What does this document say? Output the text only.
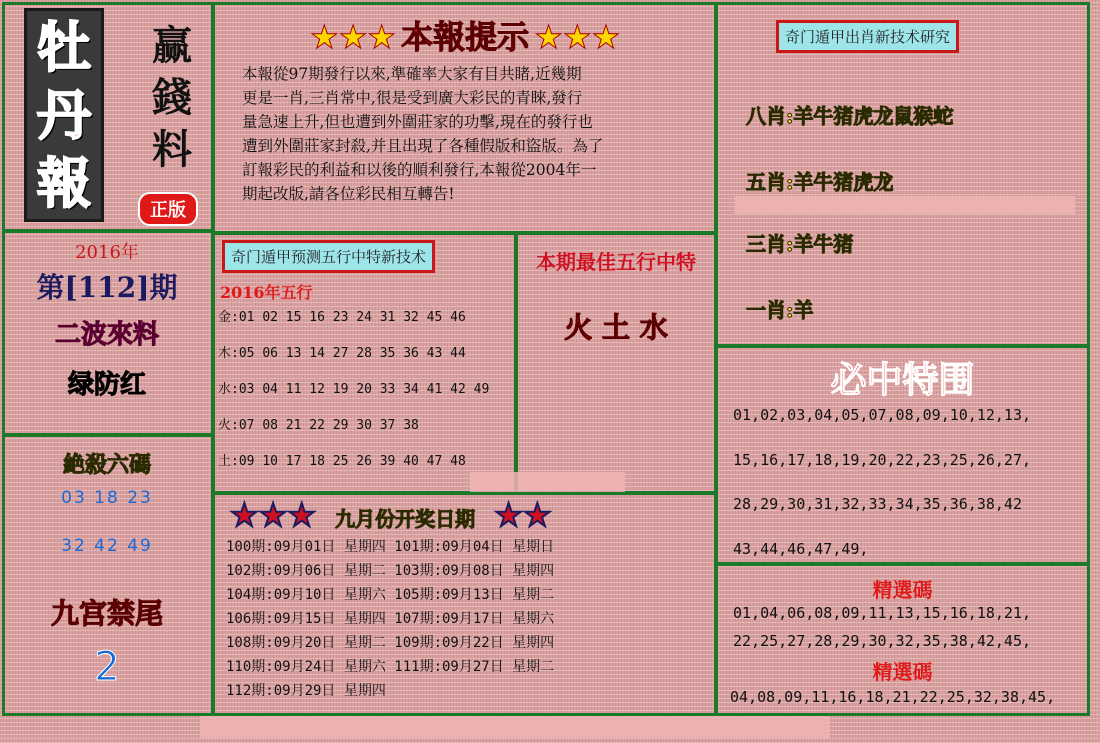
牡
丹
報
赢
錢
料
正版
★★★ 本報提示 ★★★
本報從97期發行以來,準確率大家有目共睹,近幾期
更是一肖,三肖常中,很是受到廣大彩民的青睞,發行
量急速上升,但也遭到外圍莊家的功擊,現在的發行也
遭到外圍莊家封殺,并且出現了各種假版和盜版。為了
訂報彩民的利益和以後的順利發行,本報從2004年一
期起改版,請各位彩民相互轉告!
奇门遁甲出肖新技术研究
八肖:羊牛猪虎龙鼠猴蛇
五肖:羊牛猪虎龙
三肖:羊牛猪
一肖:羊
2016年
第[112]期
二波來料
绿防红
絶殺六碼
03 18 23
32 42 49
九宫禁尾
2
奇门遁甲预测五行中特新技术
2016年五行
金:01 02 15 16 23 24 31 32 45 46
木:05 06 13 14 27 28 35 36 43 44
水:03 04 11 12 19 20 33 34 41 42 49
火:07 08 21 22 29 30 37 38
土:09 10 17 18 25 26 39 40 47 48
本期最佳五行中特
火 土 水
必中特围
01,02,03,04,05,07,08,09,10,12,13,
15,16,17,18,19,20,22,23,25,26,27,
28,29,30,31,32,33,34,35,36,38,42
43,44,46,47,49,
精選碼
01,04,06,08,09,11,13,15,16,18,21,
22,25,27,28,29,30,32,35,38,42,45,
精選碼
04,08,09,11,16,18,21,22,25,32,38,45,
★★★ 九月份开奖日期 ★★
100期:09月01日 星期四 101期:09月04日 星期日
102期:09月06日 星期二 103期:09月08日 星期四
104期:09月10日 星期六 105期:09月13日 星期二
106期:09月15日 星期四 107期:09月17日 星期六
108期:09月20日 星期二 109期:09月22日 星期四
110期:09月24日 星期六 111期:09月27日 星期二
112期:09月29日 星期四
